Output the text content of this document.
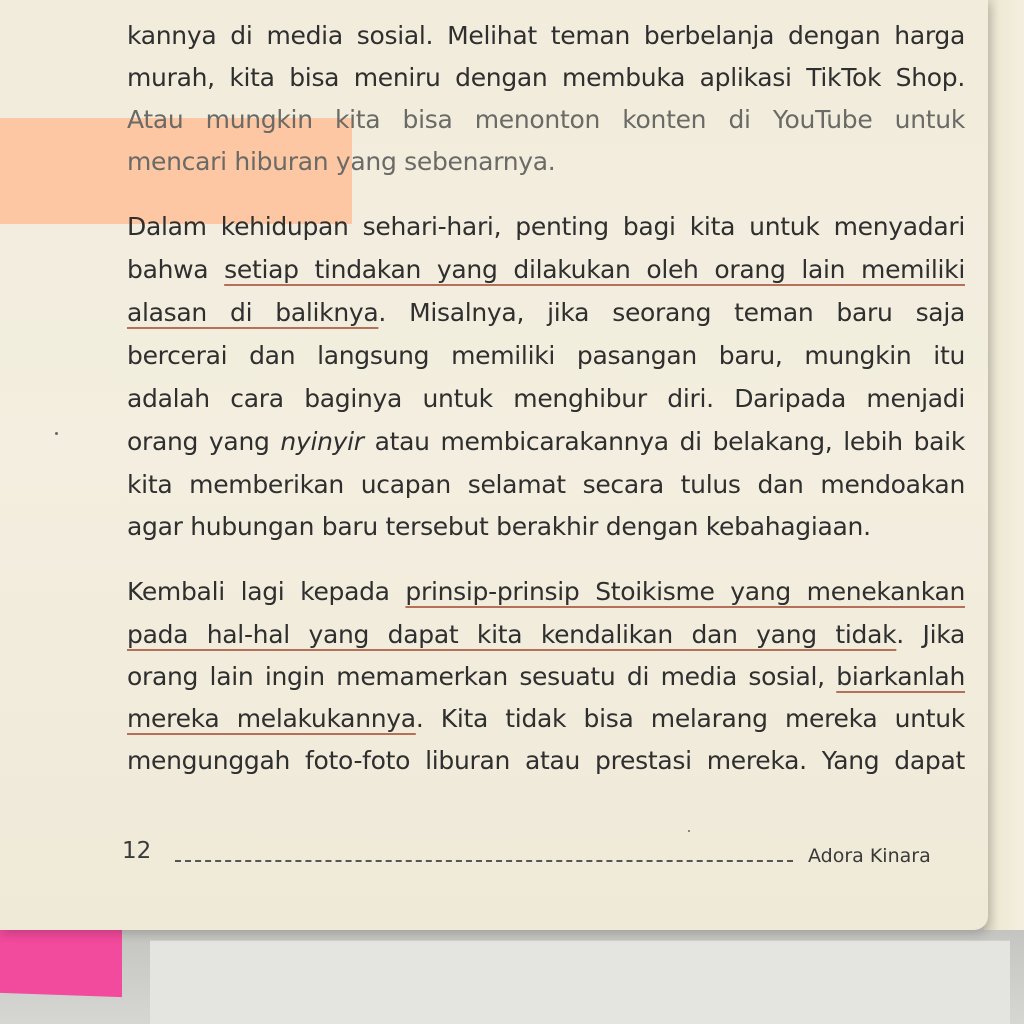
kannya di media sosial. Melihat teman berbelanja dengan harga
murah, kita bisa meniru dengan membuka aplikasi TikTok Shop.
Atau mungkin kita bisa menonton konten di YouTube untuk
mencari hiburan yang sebenarnya.
Dalam kehidupan sehari-hari, penting bagi kita untuk menyadari
bahwa setiap tindakan yang dilakukan oleh orang lain memiliki
alasan di baliknya. Misalnya, jika seorang teman baru saja
bercerai dan langsung memiliki pasangan baru, mungkin itu
adalah cara baginya untuk menghibur diri. Daripada menjadi
orang yang nyinyir atau membicarakannya di belakang, lebih baik
kita memberikan ucapan selamat secara tulus dan mendoakan
agar hubungan baru tersebut berakhir dengan kebahagiaan.
Kembali lagi kepada prinsip-prinsip Stoikisme yang menekankan
pada hal-hal yang dapat kita kendalikan dan yang tidak. Jika
orang lain ingin memamerkan sesuatu di media sosial, biarkanlah
mereka melakukannya. Kita tidak bisa melarang mereka untuk
mengunggah foto-foto liburan atau prestasi mereka. Yang dapat
12	Adora Kinara
